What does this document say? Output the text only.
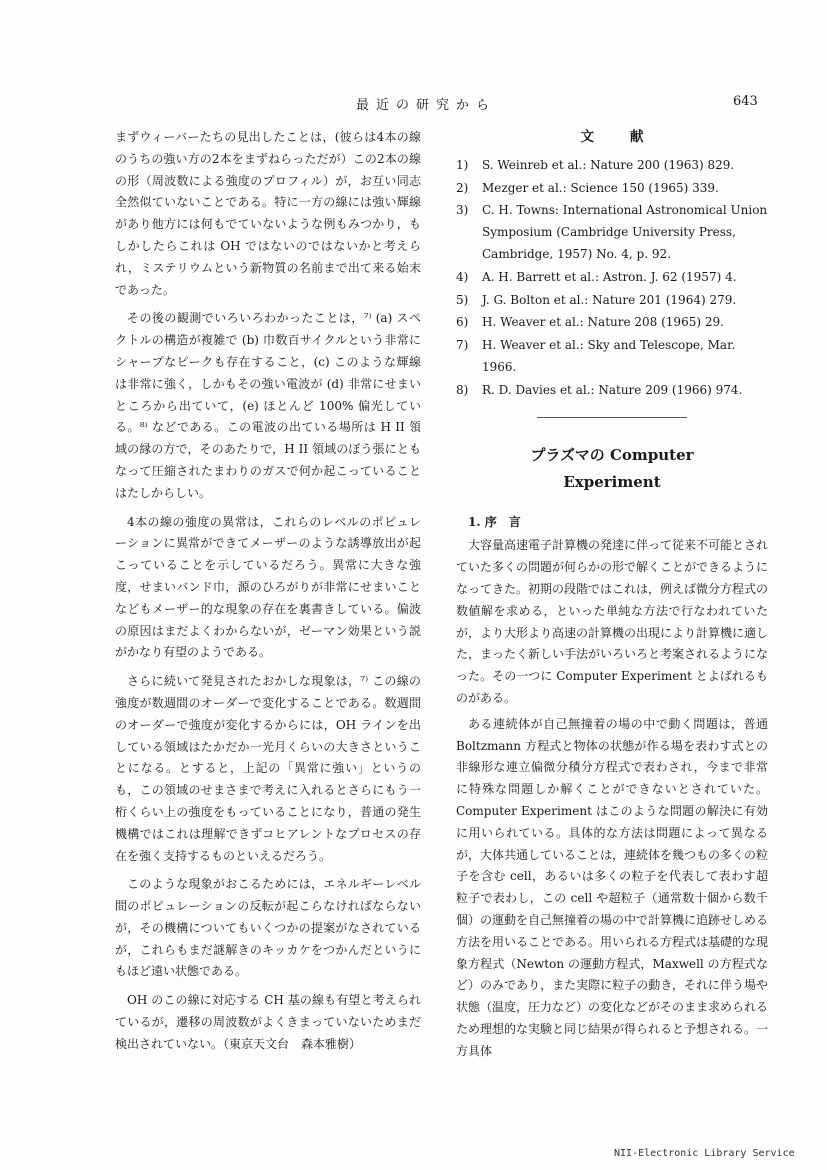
最近の研究から	643

まずウィーバーたちの見出したことは，(彼らは4本の線のうちの強い方の2本をまずねらっただが）この2本の線の形（周波数による強度のプロフィル）が，お互い同志全然似ていないことである。特に一方の線には強い輝線があり他方には何もでていないような例もみつかり，もしかしたらこれは OH ではないのではないかと考えられ，ミステリウムという新物質の名前まで出て来る始末であった。

その後の観測でいろいろわかったことは，⁷⁾ (a) スペクトルの構造が複雑で (b) 巾数百サイクルという非常にシャープなピークも存在すること，(c) このような輝線は非常に強く，しかもその強い電波が (d) 非常にせまいところから出ていて，(e) ほとんど 100% 偏光している。⁸⁾ などである。この電波の出ている場所は H II 領域の縁の方で，そのあたりで，H II 領域のぼう張にともなって圧縮されたまわりのガスで何か起こっていることはたしからしい。

4本の線の強度の異常は，これらのレベルのポピュレーションに異常ができてメーザーのような誘導放出が起こっていることを示しているだろう。異常に大きな強度，せまいバンド巾，源のひろがりが非常にせまいことなどもメーザー的な現象の存在を裏書きしている。偏波の原因はまだよくわからないが，ゼーマン効果という説がかなり有望のようである。

さらに続いて発見されたおかしな現象は，⁷⁾ この線の強度が数週間のオーダーで変化することである。数週間のオーダーで強度が変化するからには，OH ラインを出している領域はたかだか一光月くらいの大きさということになる。とすると，上記の「異常に強い」というのも，この領域のせまさまで考えに入れるとさらにもう一桁くらい上の強度をもっていることになり，普通の発生機構ではこれは理解できずコヒアレントなプロセスの存在を強く支持するものといえるだろう。

このような現象がおこるためには，エネルギーレベル間のポピュレーションの反転が起こらなければならないが，その機構についてもいくつかの提案がなされているが，これらもまだ謎解きのキッカケをつかんだというにもほど遠い状態である。

OH のこの線に対応する CH 基の線も有望と考えられているが，遷移の周波数がよくきまっていないためまだ検出されていない。（東京天文台　森本雅樹）

文献
1)	S. Weinreb et al.: Nature 200 (1963) 829.
2)	Mezger et al.: Science 150 (1965) 339.
3)	C. H. Towns: International Astronomical Union Symposium (Cambridge University Press, Cambridge, 1957) No. 4, p. 92.
4)	A. H. Barrett et al.: Astron. J. 62 (1957) 4.
5)	J. G. Bolton et al.: Nature 201 (1964) 279.
6)	H. Weaver et al.: Nature 208 (1965) 29.
7)	H. Weaver et al.: Sky and Telescope, Mar. 1966.
8)	R. D. Davies et al.: Nature 209 (1966) 974.
プラズマの Computer
Experiment
1. 序　言

大容量高速電子計算機の発達に伴って従来不可能とされていた多くの問題が何らかの形で解くことができるようになってきた。初期の段階ではこれは，例えば微分方程式の数値解を求める，といった単純な方法で行なわれていたが，より大形より高速の計算機の出現により計算機に適した，まったく新しい手法がいろいろと考案されるようになった。その一つに Computer Experiment とよばれるものがある。

ある連続体が自己無撞着の場の中で動く問題は，普通 Boltzmann 方程式と物体の状態が作る場を表わす式との非線形な連立偏微分積分方程式で表わされ，今まで非常に特殊な問題しか解くことができないとされていた。Computer Experiment はこのような問題の解決に有効に用いられている。具体的な方法は問題によって異なるが，大体共通していることは，連続体を幾つもの多くの粒子を含む cell，あるいは多くの粒子を代表して表わす超粒子で表わし，この cell や超粒子（通常数十個から数千個）の運動を自己無撞着の場の中で計算機に追跡せしめる方法を用いることである。用いられる方程式は基礎的な現象方程式（Newton の運動方程式，Maxwell の方程式など）のみであり，また実際に粒子の動き，それに伴う場や状態（温度，圧力など）の変化などがそのまま求められるため理想的な実験と同じ結果が得られると予想される。一方具体

NII-Electronic Library Service
